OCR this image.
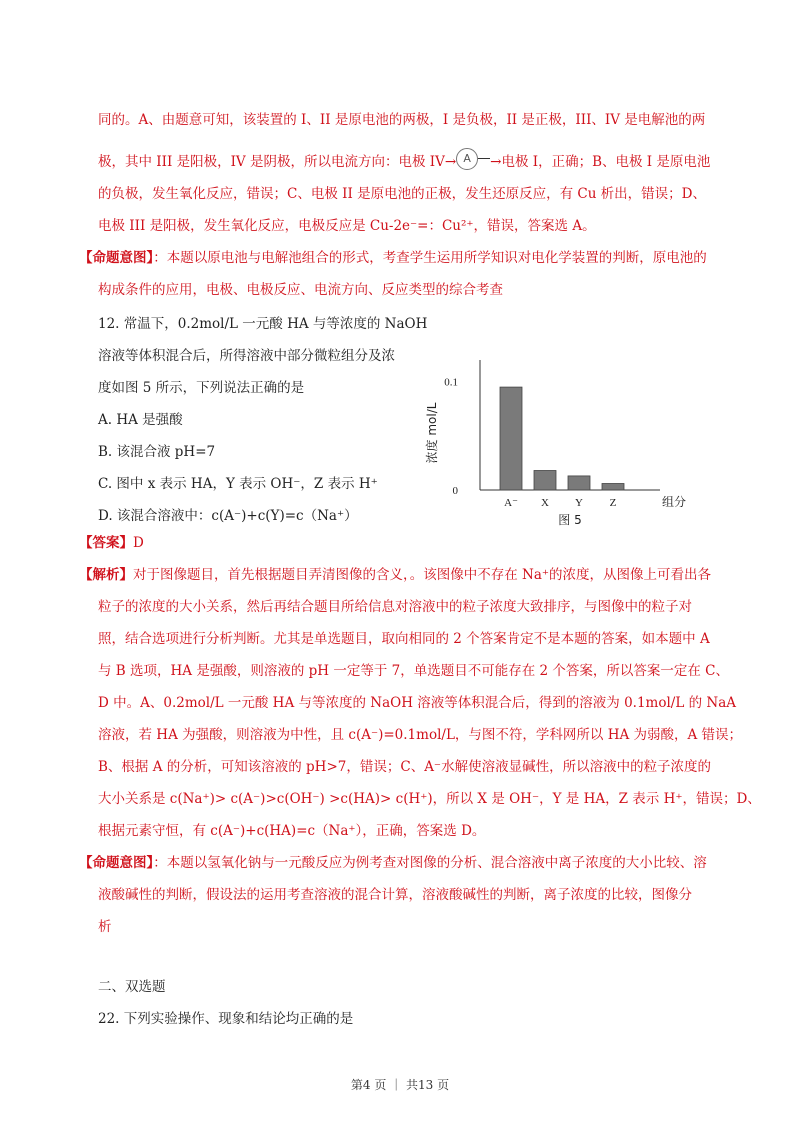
同的。A、由题意可知，该装置的 I、II 是原电池的两极，I 是负极，II 是正极，III、IV 是电解池的两
极，其中 III 是阳极，IV 是阴极，所以电流方向：电极 IV→ A →电极 I，正确；B、电极 I 是原电池
的负极，发生氧化反应，错误；C、电极 II 是原电池的正极，发生还原反应，有 Cu 析出，错误；D、
电极 III 是阳极，发生氧化反应，电极反应是 Cu-2e⁻=：Cu²⁺，错误，答案选 A。
【命题意图】：本题以原电池与电解池组合的形式，考查学生运用所学知识对电化学装置的判断，原电池的
构成条件的应用，电极、电极反应、电流方向、反应类型的综合考查
12. 常温下，0.2mol/L 一元酸 HA 与等浓度的 NaOH
溶液等体积混合后，所得溶液中部分微粒组分及浓
度如图 5 所示，下列说法正确的是
A. HA 是强酸
B. 该混合液 pH=7
C. 图中 x 表示 HA，Y 表示 OH⁻，Z 表示 H⁺
D. 该混合溶液中：c(A⁻)+c(Y)=c（Na⁺）
0.1
0
浓度 mol/L
A⁻ X Y Z	组分
图 5
【答案】D
【解析】对于图像题目，首先根据题目弄清图像的含义，。该图像中不存在 Na⁺的浓度，从图像上可看出各
粒子的浓度的大小关系，然后再结合题目所给信息对溶液中的粒子浓度大致排序，与图像中的粒子对
照，结合选项进行分析判断。尤其是单选题目，取向相同的 2 个答案肯定不是本题的答案，如本题中 A
与 B 选项，HA 是强酸，则溶液的 pH 一定等于 7，单选题目不可能存在 2 个答案，所以答案一定在 C、
D 中。A、0.2mol/L 一元酸 HA 与等浓度的 NaOH 溶液等体积混合后，得到的溶液为 0.1mol/L 的 NaA
溶液，若 HA 为强酸，则溶液为中性，且 c(A⁻)=0.1mol/L，与图不符，学科网所以 HA 为弱酸，A 错误；
B、根据 A 的分析，可知该溶液的 pH>7，错误；C、A⁻水解使溶液显碱性，所以溶液中的粒子浓度的
大小关系是 c(Na⁺)> c(A⁻)>c(OH⁻) >c(HA)> c(H⁺)，所以 X 是 OH⁻，Y 是 HA，Z 表示 H⁺，错误；D、
根据元素守恒，有 c(A⁻)+c(HA)=c（Na⁺），正确，答案选 D。
【命题意图】：本题以氢氧化钠与一元酸反应为例考查对图像的分析、混合溶液中离子浓度的大小比较、溶
液酸碱性的判断，假设法的运用考查溶液的混合计算，溶液酸碱性的判断，离子浓度的比较，图像分
析
二、双选题
22. 下列实验操作、现象和结论均正确的是
第4 页 ｜ 共13 页
